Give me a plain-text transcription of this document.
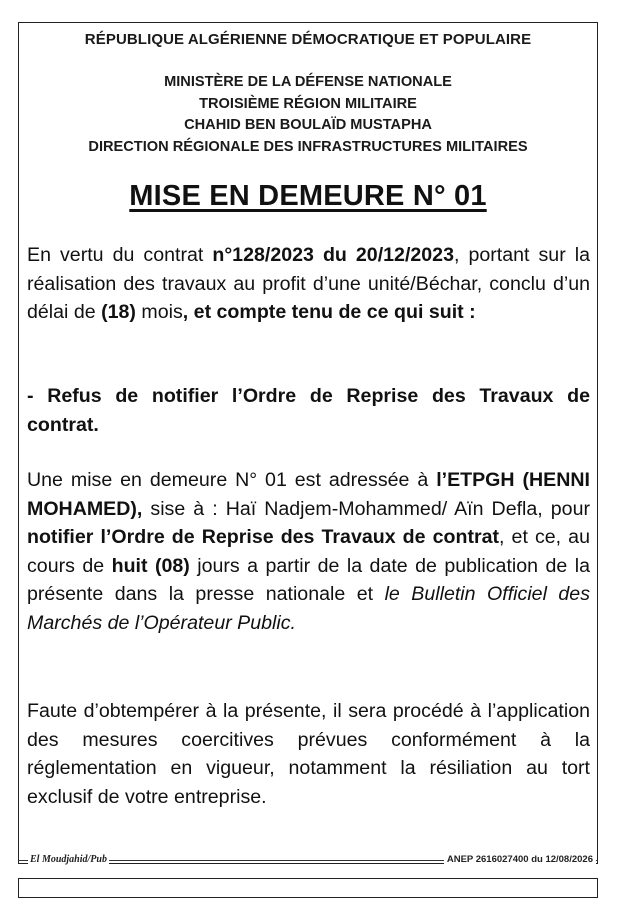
RÉPUBLIQUE ALGÉRIENNE DÉMOCRATIQUE ET POPULAIRE
MINISTÈRE DE LA DÉFENSE NATIONALE
TROISIÈME RÉGION MILITAIRE
CHAHID BEN BOULAÏD MUSTAPHA
DIRECTION RÉGIONALE DES INFRASTRUCTURES MILITAIRES
MISE EN DEMEURE N° 01
En vertu du contrat n°128/2023 du 20/12/2023, portant sur la réalisation des travaux au profit d’une unité/Béchar, conclu d’un délai de (18) mois, et compte tenu de ce qui suit :
- Refus de notifier l’Ordre de Reprise des Travaux de contrat.
Une mise en demeure N° 01 est adressée à l’ETPGH (HENNI MOHAMED), sise à : Haï Nadjem-Mohammed/ Aïn Defla, pour notifier l’Ordre de Reprise des Travaux de contrat, et ce, au cours de huit (08) jours a partir de la date de publication de la présente dans la presse nationale et le Bulletin Officiel des Marchés de l’Opérateur Public.
Faute d’obtempérer à la présente, il sera procédé à l’application des mesures coercitives prévues conformément à la réglementation en vigueur, notamment la résiliation au tort exclusif de votre entreprise.
El Moudjahid/Pub	ANEP 2616027400 du 12/08/2026
